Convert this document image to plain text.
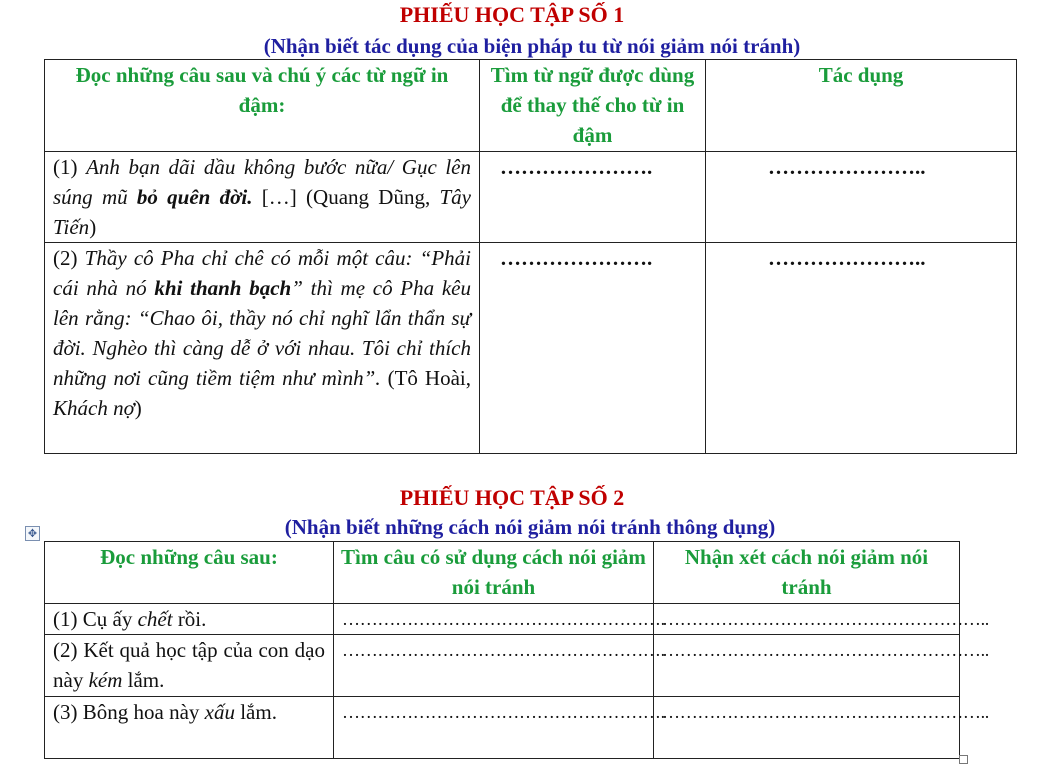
PHIẾU HỌC TẬP SỐ 1
(Nhận biết tác dụng của biện pháp tu từ nói giảm nói tránh)
Đọc những câu sau và chú ý các từ ngữ in đậm:	Tìm từ ngữ được dùng để thay thế cho từ in đậm	Tác dụng
(1) Anh bạn dãi dầu không bước nữa/ Gục lên súng mũ bỏ quên đời. […] (Quang Dũng, Tây Tiến)	………………….	…………………..

(2) Thầy cô Pha chỉ chê có mỗi một câu: “Phải cái nhà nó khi thanh bạch” thì mẹ cô Pha kêu lên rằng: “Chao ôi, thầy nó chỉ nghĩ lẩn thẩn sự đời. Nghèo thì càng dễ ở với nhau. Tôi chỉ thích những nơi cũng tiềm tiệm như mình”. (Tô Hoài, Khách nợ)	………………….	…………………..
PHIẾU HỌC TẬP SỐ 2
(Nhận biết những cách nói giảm nói tránh thông dụng)
✥
Đọc những câu sau:	Tìm câu có sử dụng cách nói giảm nói tránh	Nhận xét cách nói giảm nói tránh
(1) Cụ ấy chết rồi.	……………………………………………….	………………………………………………..

(2) Kết quả học tập của con dạo này kém lắm.	……………………………………………….	………………………………………………..

(3) Bông hoa này xấu lắm.	……………………………………………….	………………………………………………..
